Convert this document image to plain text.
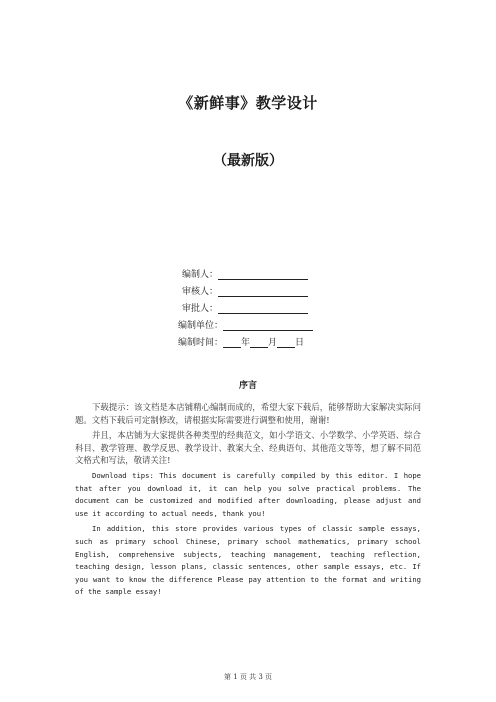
《新鲜事》教学设计
（最新版）
编制人：
审核人：
审批人：
编制单位：
编制时间： 年 月 日
序言

下载提示：该文档是本店铺精心编制而成的，希望大家下载后，能够帮助大家解决实际问题。文档下载后可定制修改，请根据实际需要进行调整和使用，谢谢!

并且，本店铺为大家提供各种类型的经典范文，如小学语文、小学数学、小学英语、综合科目、教学管理、教学反思、教学设计、教案大全、经典语句、其他范文等等，想了解不同范文格式和写法，敬请关注!

Download tips: This document is carefully compiled by this editor. I hope that after you download it, it can help you solve practical problems. The document can be customized and modified after downloading, please adjust and use it according to actual needs, thank you!

In addition, this store provides various types of classic sample essays, such as primary school Chinese, primary school mathematics, primary school English, comprehensive subjects, teaching management, teaching reflection, teaching design, lesson plans, classic sentences, other sample essays, etc. If you want to know the difference Please pay attention to the format and writing of the sample essay!

第 1 页 共 3 页
